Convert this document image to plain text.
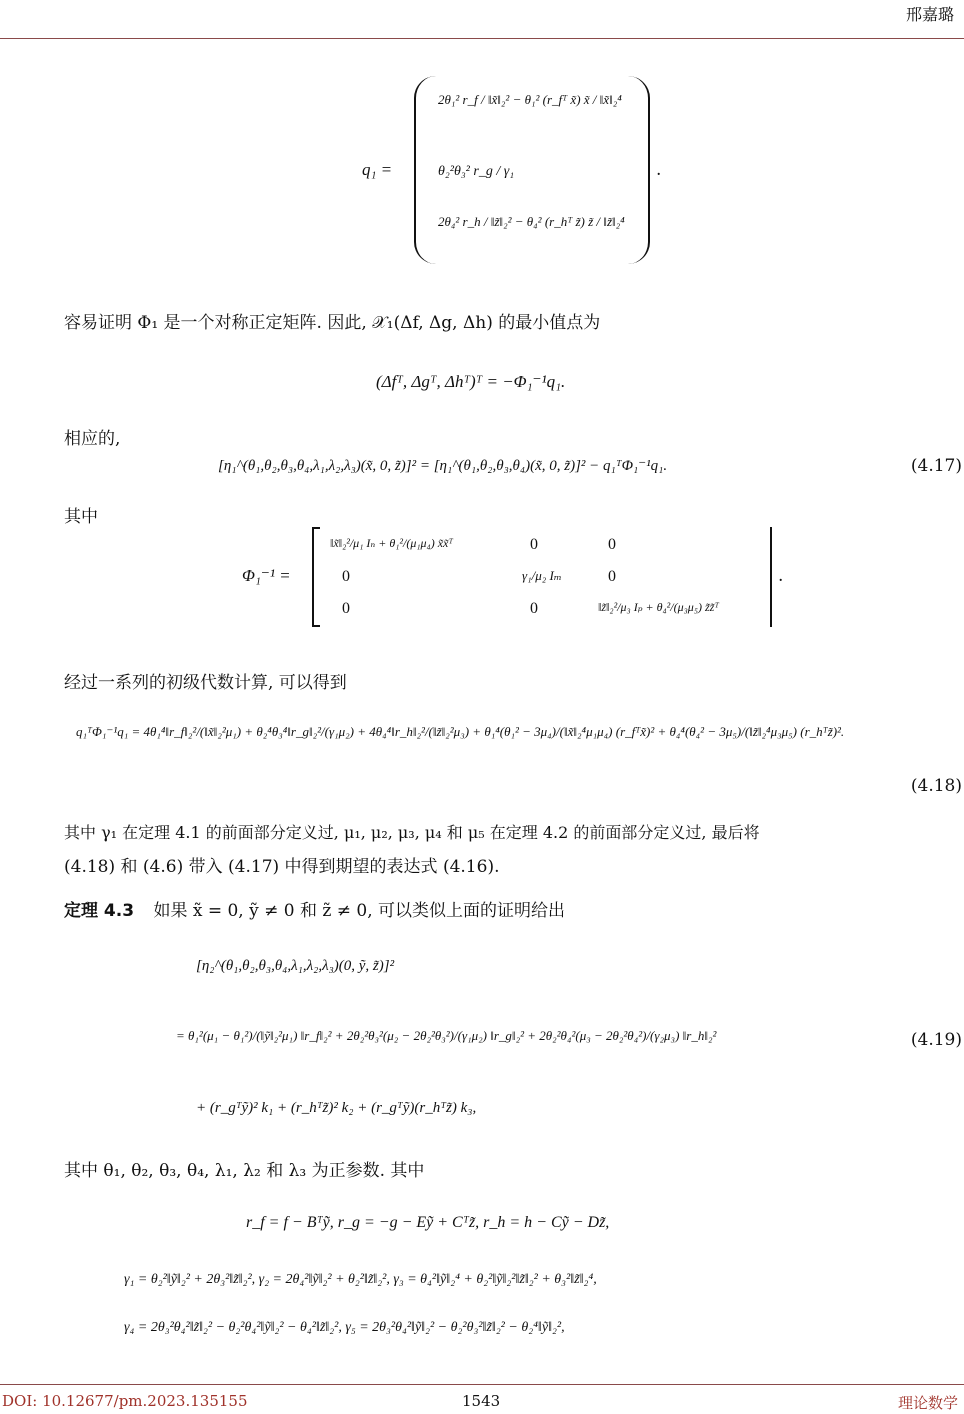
邢嘉璐
q₁ =
2θ₁² r_f / ‖x̃‖₂² − θ₁² (r_fᵀ x̃) x̃ / ‖x̃‖₂⁴
θ₂²θ₃² r_g / γ₁
2θ₄² r_h / ‖z̃‖₂² − θ₄² (r_hᵀ z̃) z̃ / ‖z̃‖₂⁴
.
容易证明 Φ₁ 是一个对称正定矩阵. 因此, 𝒳₁(Δf, Δg, Δh) 的最小值点为
(Δfᵀ, Δgᵀ, Δhᵀ)ᵀ = −Φ₁⁻¹q₁.
相应的,
[η₁^(θ₁,θ₂,θ₃,θ₄,λ₁,λ₂,λ₃)(x̃, 0, z̃)]² = [η₁^(θ₁,θ₂,θ₃,θ₄)(x̃, 0, z̃)]² − q₁ᵀΦ₁⁻¹q₁.	(4.17)
其中
Φ₁⁻¹ =
‖x̃‖₂²/μ₁ Iₙ + θ₁²/(μ₁μ₄) x̃x̃ᵀ	0	0
0	γ₁/μ₂ Iₘ	0
0	0	‖z̃‖₂²/μ₃ Iₚ + θ₄²/(μ₃μ₅) z̃z̃ᵀ
.
经过一系列的初级代数计算, 可以得到
q₁ᵀΦ₁⁻¹q₁ = 4θ₁⁴‖r_f‖₂²/(‖x̃‖₂²μ₁) + θ₂⁴θ₃⁴‖r_g‖₂²/(γ₁μ₂) + 4θ₄⁴‖r_h‖₂²/(‖z̃‖₂²μ₃) + θ₁⁴(θ₁² − 3μ₄)/(‖x̃‖₂⁴μ₁μ₄) (r_fᵀx̃)² + θ₄⁴(θ₄² − 3μ₅)/(‖z̃‖₂⁴μ₃μ₅) (r_hᵀz̃)².
(4.18)
其中 γ₁ 在定理 4.1 的前面部分定义过, μ₁, μ₂, μ₃, μ₄ 和 μ₅ 在定理 4.2 的前面部分定义过, 最后将
(4.18) 和 (4.6) 带入 (4.17) 中得到期望的表达式 (4.16).
定理 4.3 如果 x̃ = 0, ỹ ≠ 0 和 z̃ ≠ 0, 可以类似上面的证明给出
[η₂^(θ₁,θ₂,θ₃,θ₄,λ₁,λ₂,λ₃)(0, ỹ, z̃)]²
= θ₁²(μ₁ − θ₁²)/(‖ỹ‖₂²μ₁) ‖r_f‖₂² + 2θ₂²θ₃²(μ₂ − 2θ₂²θ₃²)/(γ₁μ₂) ‖r_g‖₂² + 2θ₂²θ₄²(μ₃ − 2θ₂²θ₄²)/(γ₂μ₃) ‖r_h‖₂²	(4.19)
+ (r_gᵀỹ)² k₁ + (r_hᵀz̃)² k₂ + (r_gᵀỹ)(r_hᵀz̃) k₃,
其中 θ₁, θ₂, θ₃, θ₄, λ₁, λ₂ 和 λ₃ 为正参数. 其中
r_f = f − Bᵀỹ, r_g = −g − Eỹ + Cᵀz̃, r_h = h − Cỹ − Dz̃,
γ₁ = θ₂²‖ỹ‖₂² + 2θ₃²‖z̃‖₂², γ₂ = 2θ₄²‖ỹ‖₂² + θ₂²‖z̃‖₂², γ₃ = θ₄²‖ỹ‖₂⁴ + θ₂²‖ỹ‖₂²‖z̃‖₂² + θ₃²‖z̃‖₂⁴,
γ₄ = 2θ₃²θ₄²‖z̃‖₂² − θ₂²θ₄²‖ỹ‖₂² − θ₄²‖z̃‖₂², γ₅ = 2θ₃²θ₄²‖ỹ‖₂² − θ₂²θ₃²‖z̃‖₂² − θ₂⁴‖ỹ‖₂²,
DOI: 10.12677/pm.2023.135155	1543	理论数学
